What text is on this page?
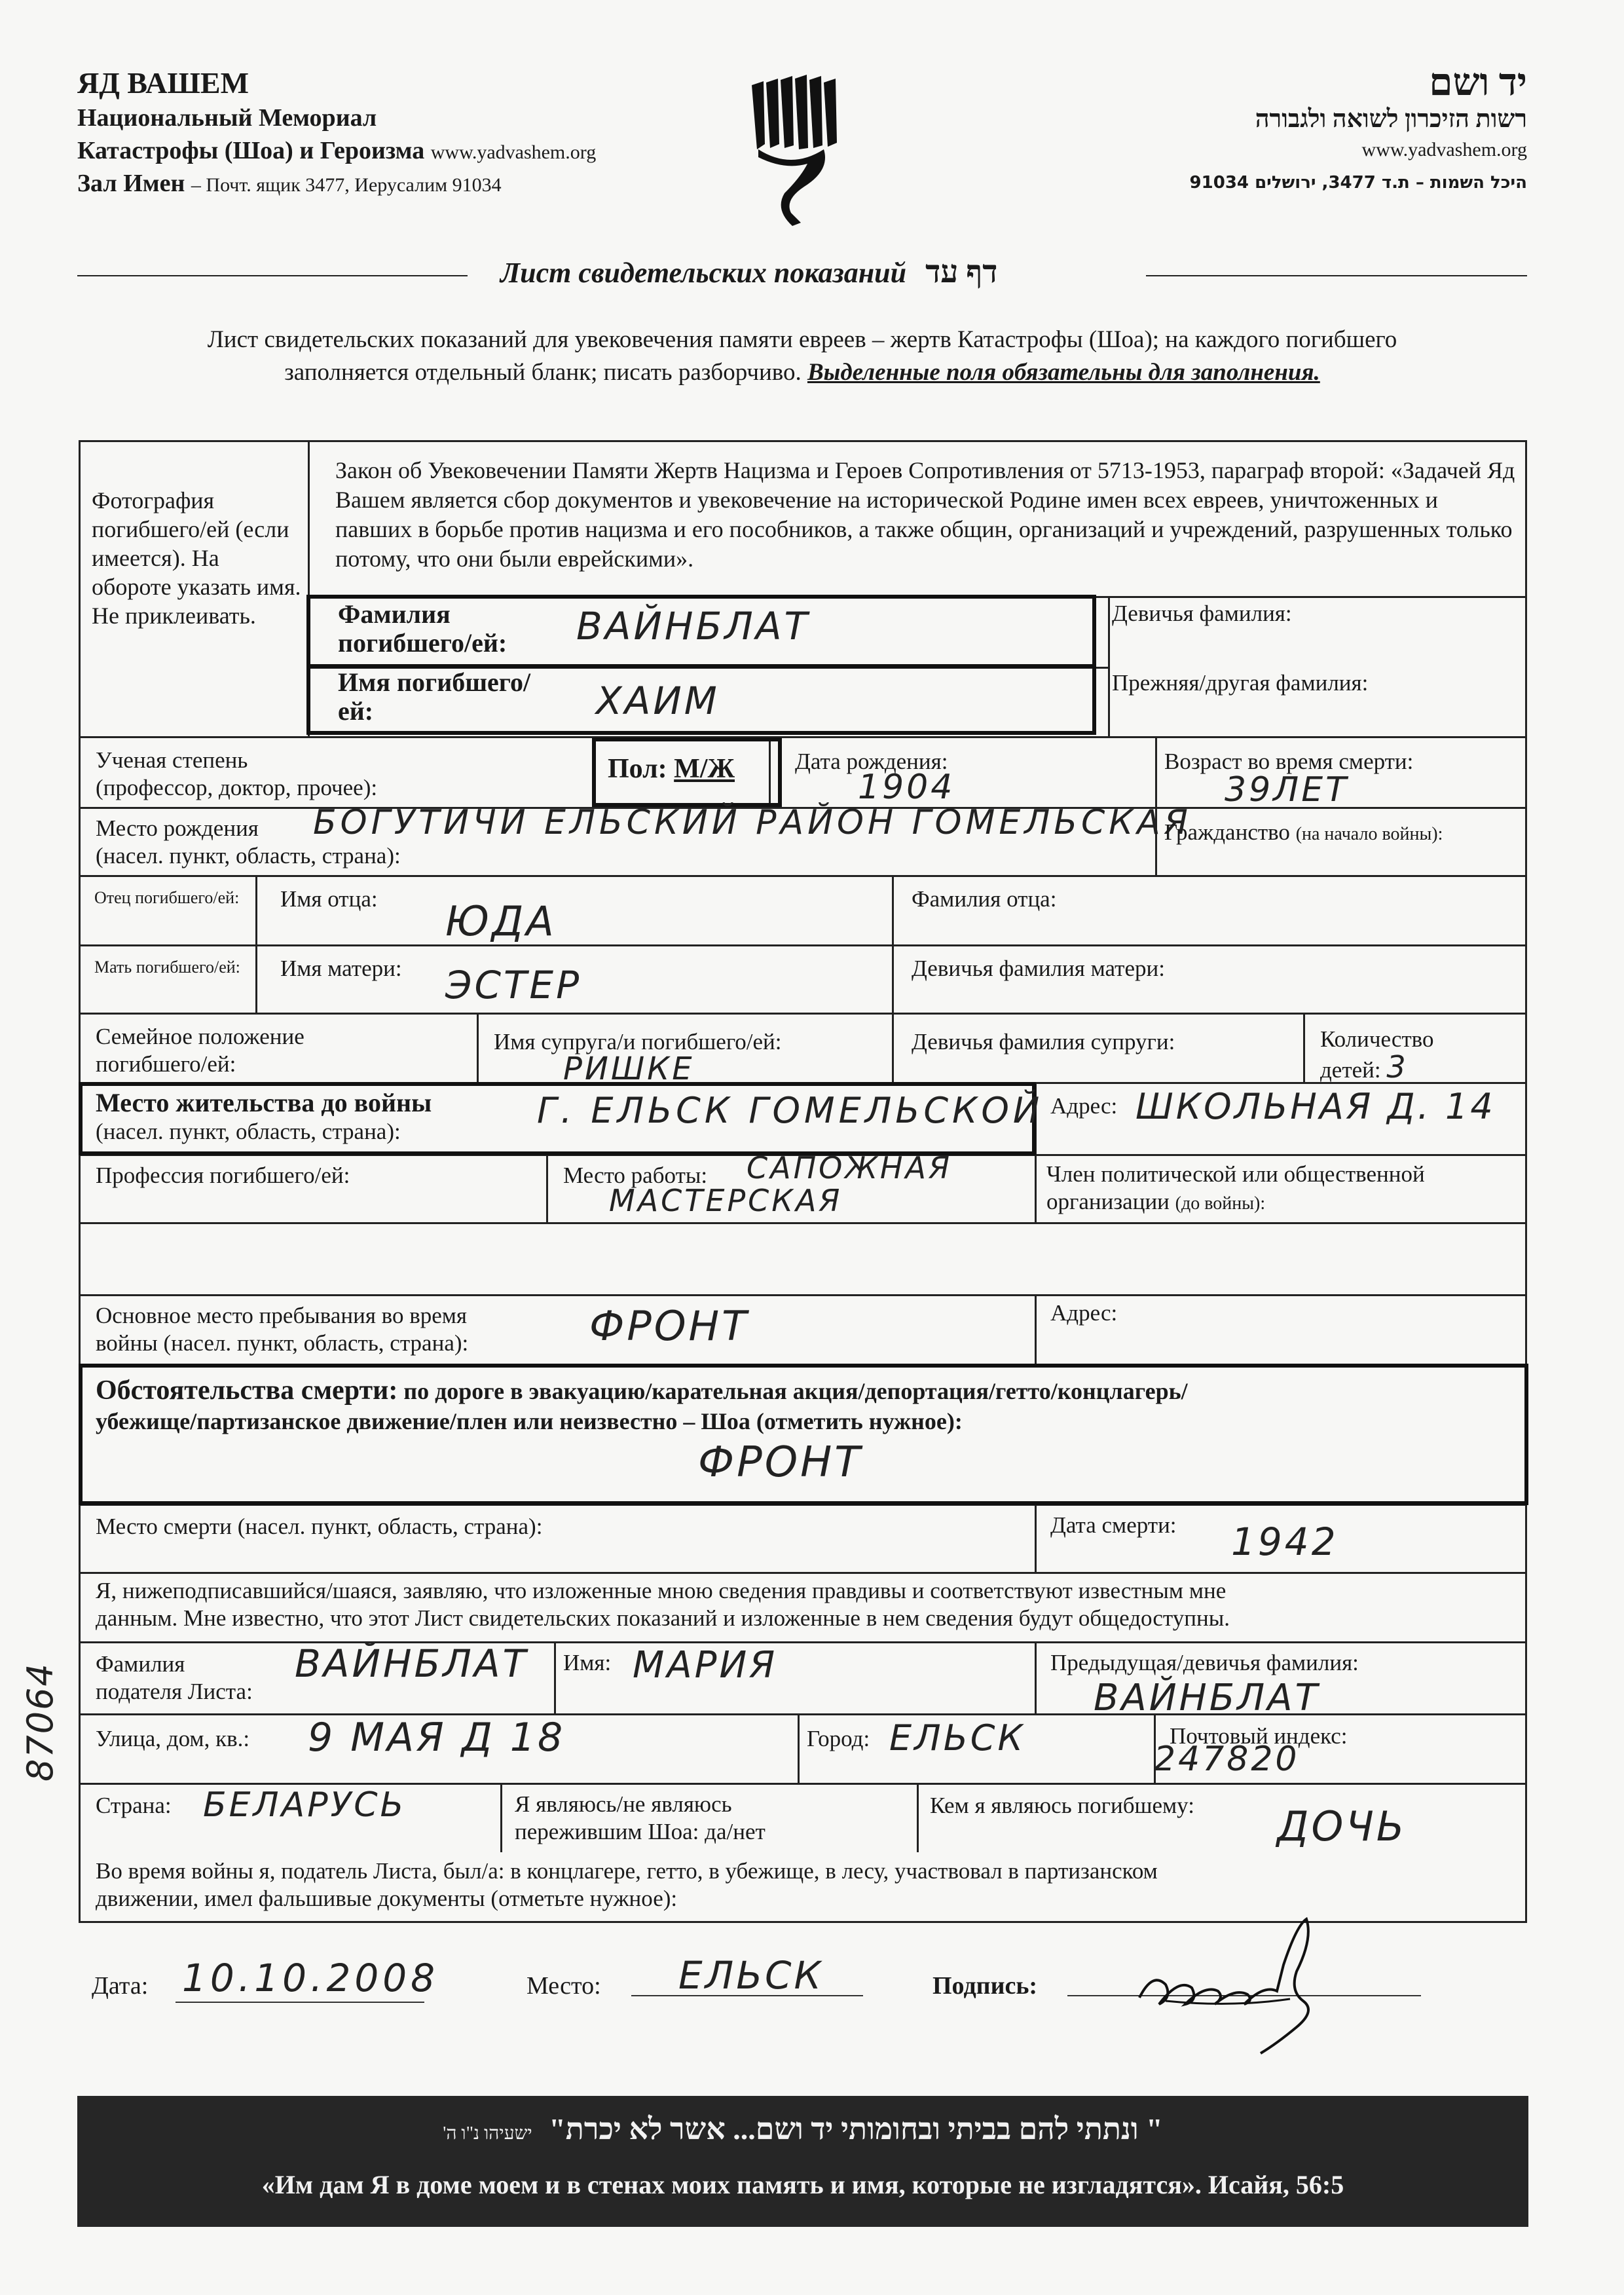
ЯД ВАШЕМ
Национальный Мемориал
Катастрофы (Шоа) и Героизма www.yadvashem.org
Зал Имен – Почт. ящик 3477, Иерусалим 91034
יד ושם
רשות הזיכרון לשואה ולגבורה
www.yadvashem.org
היכל השמות – ת.ד 3477, ירושלים 91034
Лист свидетельских показаний דף עד
Лист свидетельских показаний для увековечения памяти евреев – жертв Катастрофы (Шоа); на каждого погибшего
заполняется отдельный бланк; писать разборчиво. Выделенные поля обязательны для заполнения.
Фотография погибшего/ей (если имеется). На обороте указать имя. Не приклеивать.
Закон об Увековечении Памяти Жертв Нацизма и Героев Сопротивления от 5713-1953, параграф второй: «Задачей Яд Вашем является сбор документов и увековечение на исторической Родине имен всех евреев, уничтоженных и павших в борьбе против нацизма и его пособников, а также общин, организаций и учреждений, разрушенных только потому, что они были еврейскими».
Фамилия погибшего/ей:	ВАЙНБЛАТ	Девичья фамилия:
Имя погибшего/ей:	ХАИМ	Прежняя/другая фамилия:
Ученая степень
(профессор, доктор, прочее):
Пол: М/Ж	Дата рождения:
1904
Возраст во время смерти:
39ЛЕТ
Место рождения
(насел. пункт, область, страна):
БОГУТИЧИ ЕЛЬСКИЙ РАЙОН ГОМЕЛЬСКАЯ
Гражданство (на начало войны):
Отец погибшего/ей:	Имя отца: ЮДА	Фамилия отца:
Мать погибшего/ей:	Имя матери: ЭСТЕР	Девичья фамилия матери:
Семейное положение
погибшего/ей:
Имя супруга/и погибшего/ей:
РИШКЕ
Девичья фамилия супруги:	Количество
детей: 3
Место жительства до войны
(насел. пункт, область, страна):
Г. ЕЛЬСК ГОМЕЛЬСКОЙ Адрес: ШКОЛЬНАЯ Д. 14
Профессия погибшего/ей:	Место работы: САПОЖНАЯ
МАСТЕРСКАЯ
Член политической или общественной
организации (до войны):
Основное место пребывания во время
войны (насел. пункт, область, страна):	ФРОНТ	Адрес:
Обстоятельства смерти: по дороге в эвакуацию/карательная акция/депортация/гетто/концлагерь/
убежище/партизанское движение/плен или неизвестно – Шоа (отметить нужное):
ФРОНТ
Место смерти (насел. пункт, область, страна):	Дата смерти: 1942
Я, нижеподписавшийся/шаяся, заявляю, что изложенные мною сведения правдивы и соответствуют известным мне
данным. Мне известно, что этот Лист свидетельских показаний и изложенные в нем сведения будут общедоступны.
Фамилия
подателя Листа:
ВАЙНБЛАТ Имя: МАРИЯ	Предыдущая/девичья фамилия:
ВАЙНБЛАТ
Улица, дом, кв.: 9 МАЯ Д 18	Город: ЕЛЬСК	Почтовый индекс:
247820
Страна: БЕЛАРУСЬ	Я являюсь/не являюсь
пережившим Шоа: да/нет
Кем я являюсь погибшему: ДОЧЬ
Во время войны я, податель Листа, был/а: в концлагере, гетто, в убежище, в лесу, участвовал в партизанском
движении, имел фальшивые документы (отметьте нужное):
87064
Дата: 10.10.2008	Место: ЕЛЬСК	Подпись:
" ונתתי להם בביתי ובחומותי יד ושם... אשר לא יכרת" ישעיהו נ"ו ה'
«Им дам Я в доме моем и в стенах моих память и имя, которые не изгладятся». Исайя, 56:5
